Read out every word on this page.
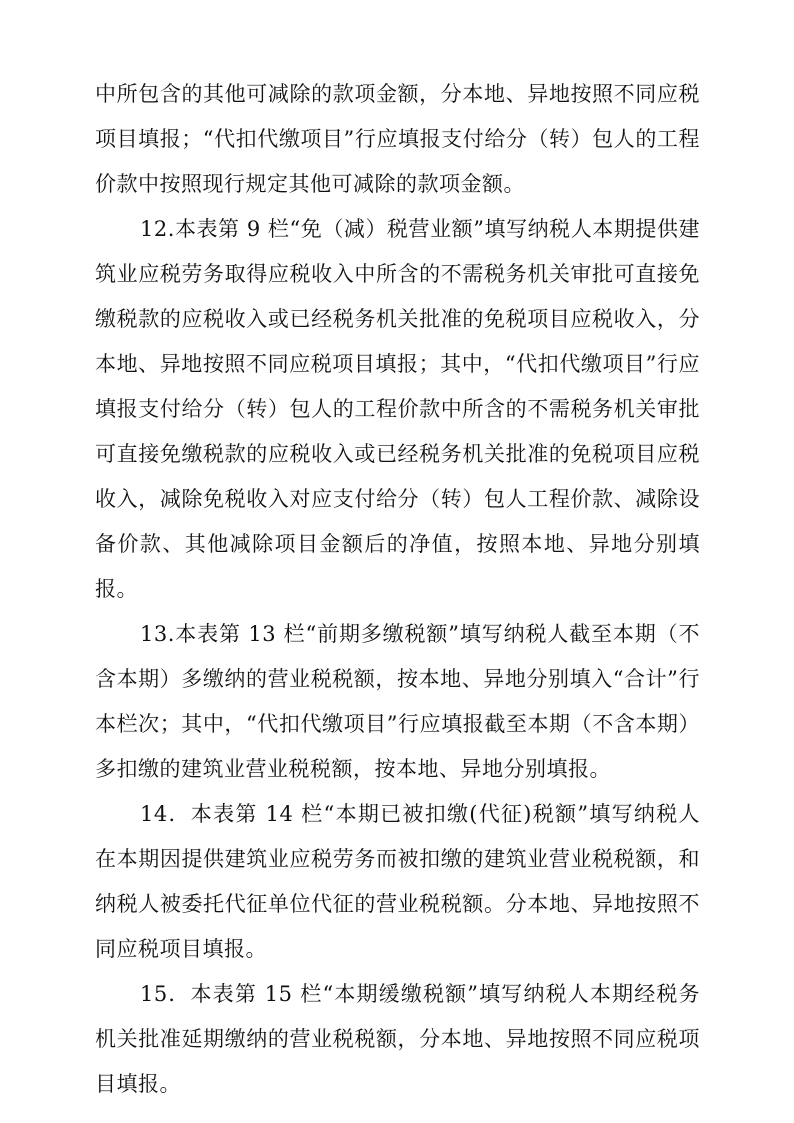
中所包含的其他可减除的款项金额，分本地、异地按照不同应税项目填报；“代扣代缴项目”行应填报支付给分（转）包人的工程价款中按照现行规定其他可减除的款项金额。

12.本表第 9 栏“免（减）税营业额”填写纳税人本期提供建筑业应税劳务取得应税收入中所含的不需税务机关审批可直接免缴税款的应税收入或已经税务机关批准的免税项目应税收入，分本地、异地按照不同应税项目填报；其中，“代扣代缴项目”行应填报支付给分（转）包人的工程价款中所含的不需税务机关审批可直接免缴税款的应税收入或已经税务机关批准的免税项目应税收入，减除免税收入对应支付给分（转）包人工程价款、减除设备价款、其他减除项目金额后的净值，按照本地、异地分别填报。

13.本表第 13 栏“前期多缴税额”填写纳税人截至本期（不含本期）多缴纳的营业税税额，按本地、异地分别填入“合计”行本栏次；其中，“代扣代缴项目”行应填报截至本期（不含本期）多扣缴的建筑业营业税税额，按本地、异地分别填报。

14．本表第 14 栏“本期已被扣缴(代征)税额”填写纳税人在本期因提供建筑业应税劳务而被扣缴的建筑业营业税税额，和纳税人被委托代征单位代征的营业税税额。分本地、异地按照不同应税项目填报。

15．本表第 15 栏“本期缓缴税额”填写纳税人本期经税务机关批准延期缴纳的营业税税额，分本地、异地按照不同应税项目填报。
